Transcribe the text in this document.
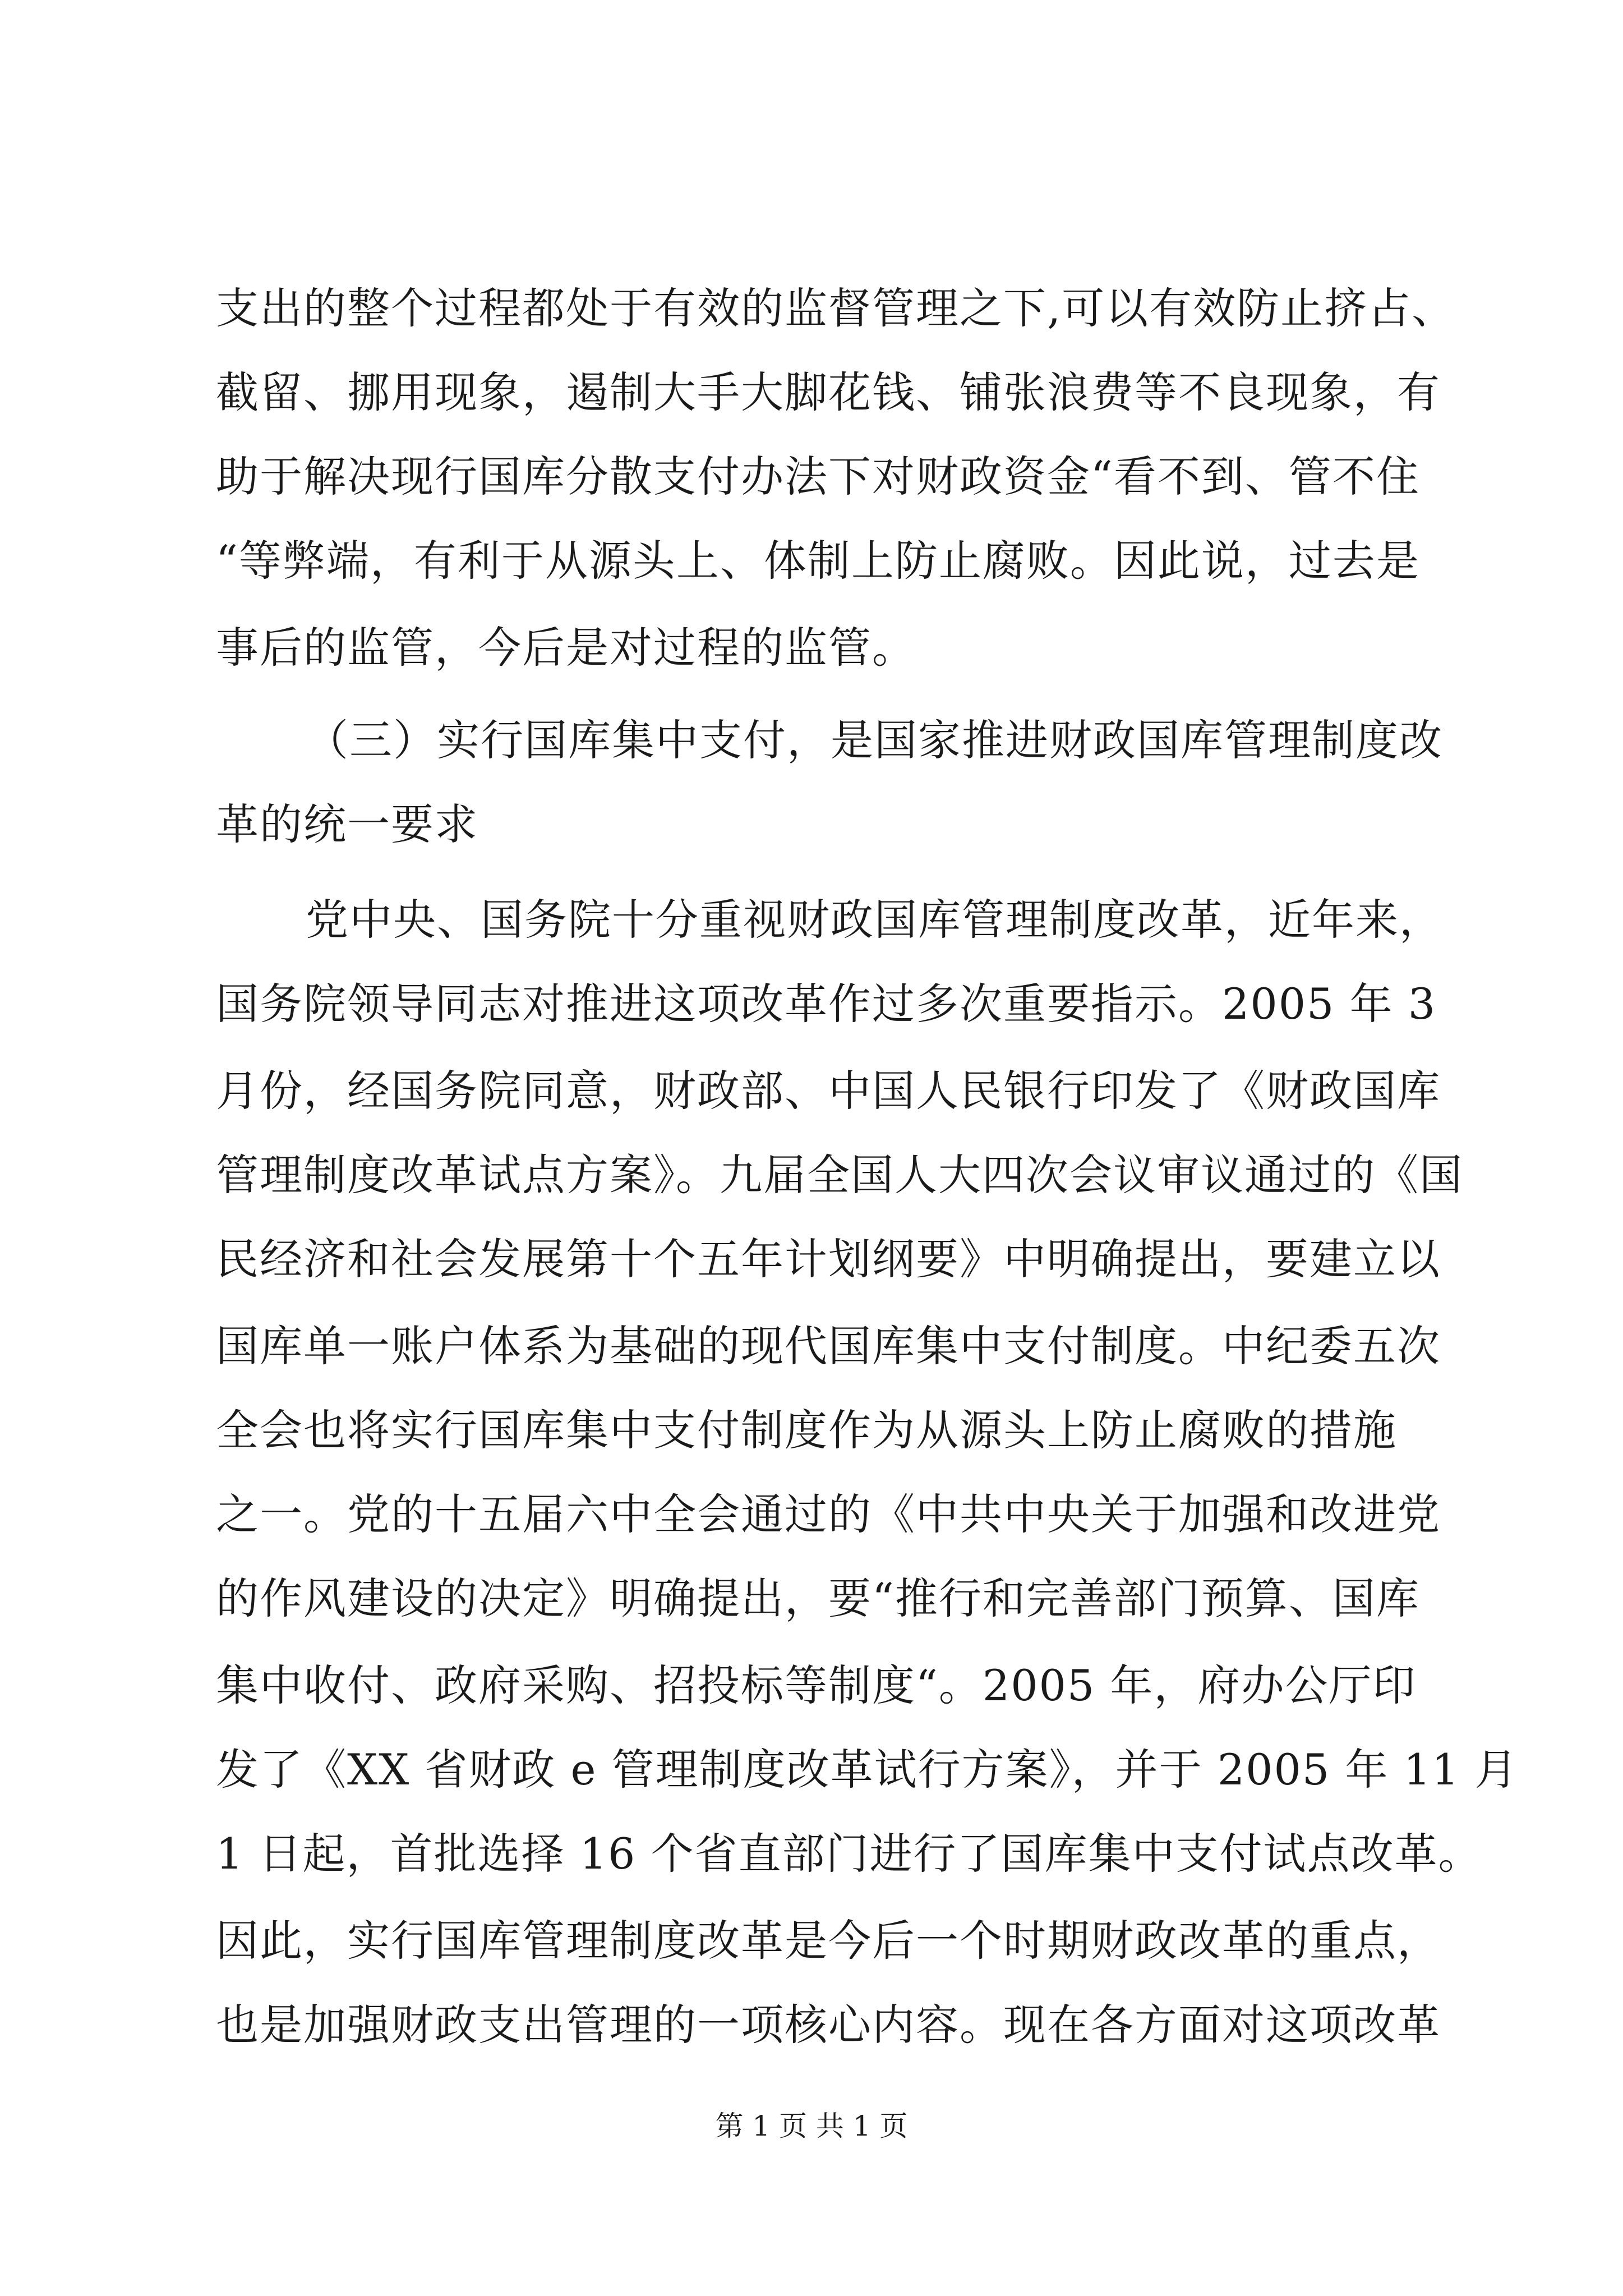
支出的整个过程都处于有效的监督管理之下,可以有效防止挤占、
截留、挪用现象，遏制大手大脚花钱、铺张浪费等不良现象，有
助于解决现行国库分散支付办法下对财政资金“看不到、管不住
“等弊端，有利于从源头上、体制上防止腐败。因此说，过去是
事后的监管，今后是对过程的监管。
（三）实行国库集中支付，是国家推进财政国库管理制度改
革的统一要求
党中央、国务院十分重视财政国库管理制度改革，近年来，
国务院领导同志对推进这项改革作过多次重要指示。2005 年 3
月份，经国务院同意，财政部、中国人民银行印发了《财政国库
管理制度改革试点方案》。九届全国人大四次会议审议通过的《国
民经济和社会发展第十个五年计划纲要》中明确提出，要建立以
国库单一账户体系为基础的现代国库集中支付制度。中纪委五次
全会也将实行国库集中支付制度作为从源头上防止腐败的措施
之一。党的十五届六中全会通过的《中共中央关于加强和改进党
的作风建设的决定》明确提出，要“推行和完善部门预算、国库
集中收付、政府采购、招投标等制度“。2005 年，府办公厅印
发了《XX 省财政 e 管理制度改革试行方案》，并于 2005 年 11 月
1 日起，首批选择 16 个省直部门进行了国库集中支付试点改革。
因此，实行国库管理制度改革是今后一个时期财政改革的重点，
也是加强财政支出管理的一项核心内容。现在各方面对这项改革
第 1 页 共 1 页
